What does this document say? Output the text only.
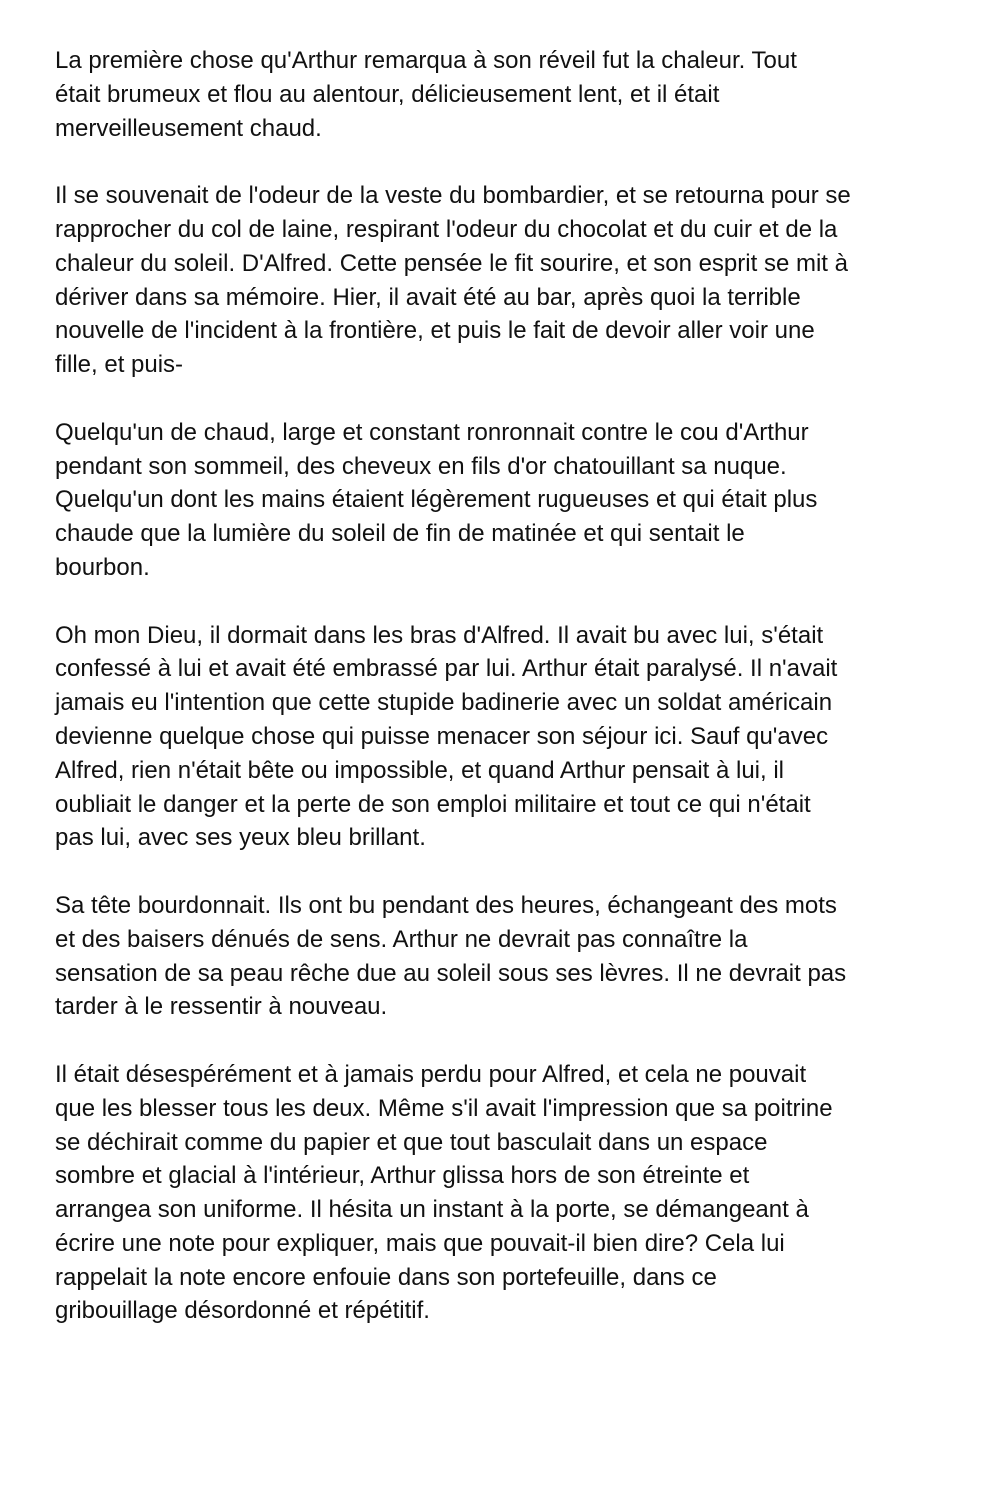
La première chose qu'Arthur remarqua à son réveil fut la chaleur. Tout
était brumeux et flou au alentour, délicieusement lent, et il était
merveilleusement chaud.

Il se souvenait de l'odeur de la veste du bombardier, et se retourna pour se
rapprocher du col de laine, respirant l'odeur du chocolat et du cuir et de la
chaleur du soleil. D'Alfred. Cette pensée le fit sourire, et son esprit se mit à
dériver dans sa mémoire. Hier, il avait été au bar, après quoi la terrible
nouvelle de l'incident à la frontière, et puis le fait de devoir aller voir une
fille, et puis-

Quelqu'un de chaud, large et constant ronronnait contre le cou d'Arthur
pendant son sommeil, des cheveux en fils d'or chatouillant sa nuque.
Quelqu'un dont les mains étaient légèrement rugueuses et qui était plus
chaude que la lumière du soleil de fin de matinée et qui sentait le
bourbon.

Oh mon Dieu, il dormait dans les bras d'Alfred. Il avait bu avec lui, s'était
confessé à lui et avait été embrassé par lui. Arthur était paralysé. Il n'avait
jamais eu l'intention que cette stupide badinerie avec un soldat américain
devienne quelque chose qui puisse menacer son séjour ici. Sauf qu'avec
Alfred, rien n'était bête ou impossible, et quand Arthur pensait à lui, il
oubliait le danger et la perte de son emploi militaire et tout ce qui n'était
pas lui, avec ses yeux bleu brillant.

Sa tête bourdonnait. Ils ont bu pendant des heures, échangeant des mots
et des baisers dénués de sens. Arthur ne devrait pas connaître la
sensation de sa peau rêche due au soleil sous ses lèvres. Il ne devrait pas
tarder à le ressentir à nouveau.

Il était désespérément et à jamais perdu pour Alfred, et cela ne pouvait
que les blesser tous les deux. Même s'il avait l'impression que sa poitrine
se déchirait comme du papier et que tout basculait dans un espace
sombre et glacial à l'intérieur, Arthur glissa hors de son étreinte et
arrangea son uniforme. Il hésita un instant à la porte, se démangeant à
écrire une note pour expliquer, mais que pouvait-il bien dire? Cela lui
rappelait la note encore enfouie dans son portefeuille, dans ce
gribouillage désordonné et répétitif.
